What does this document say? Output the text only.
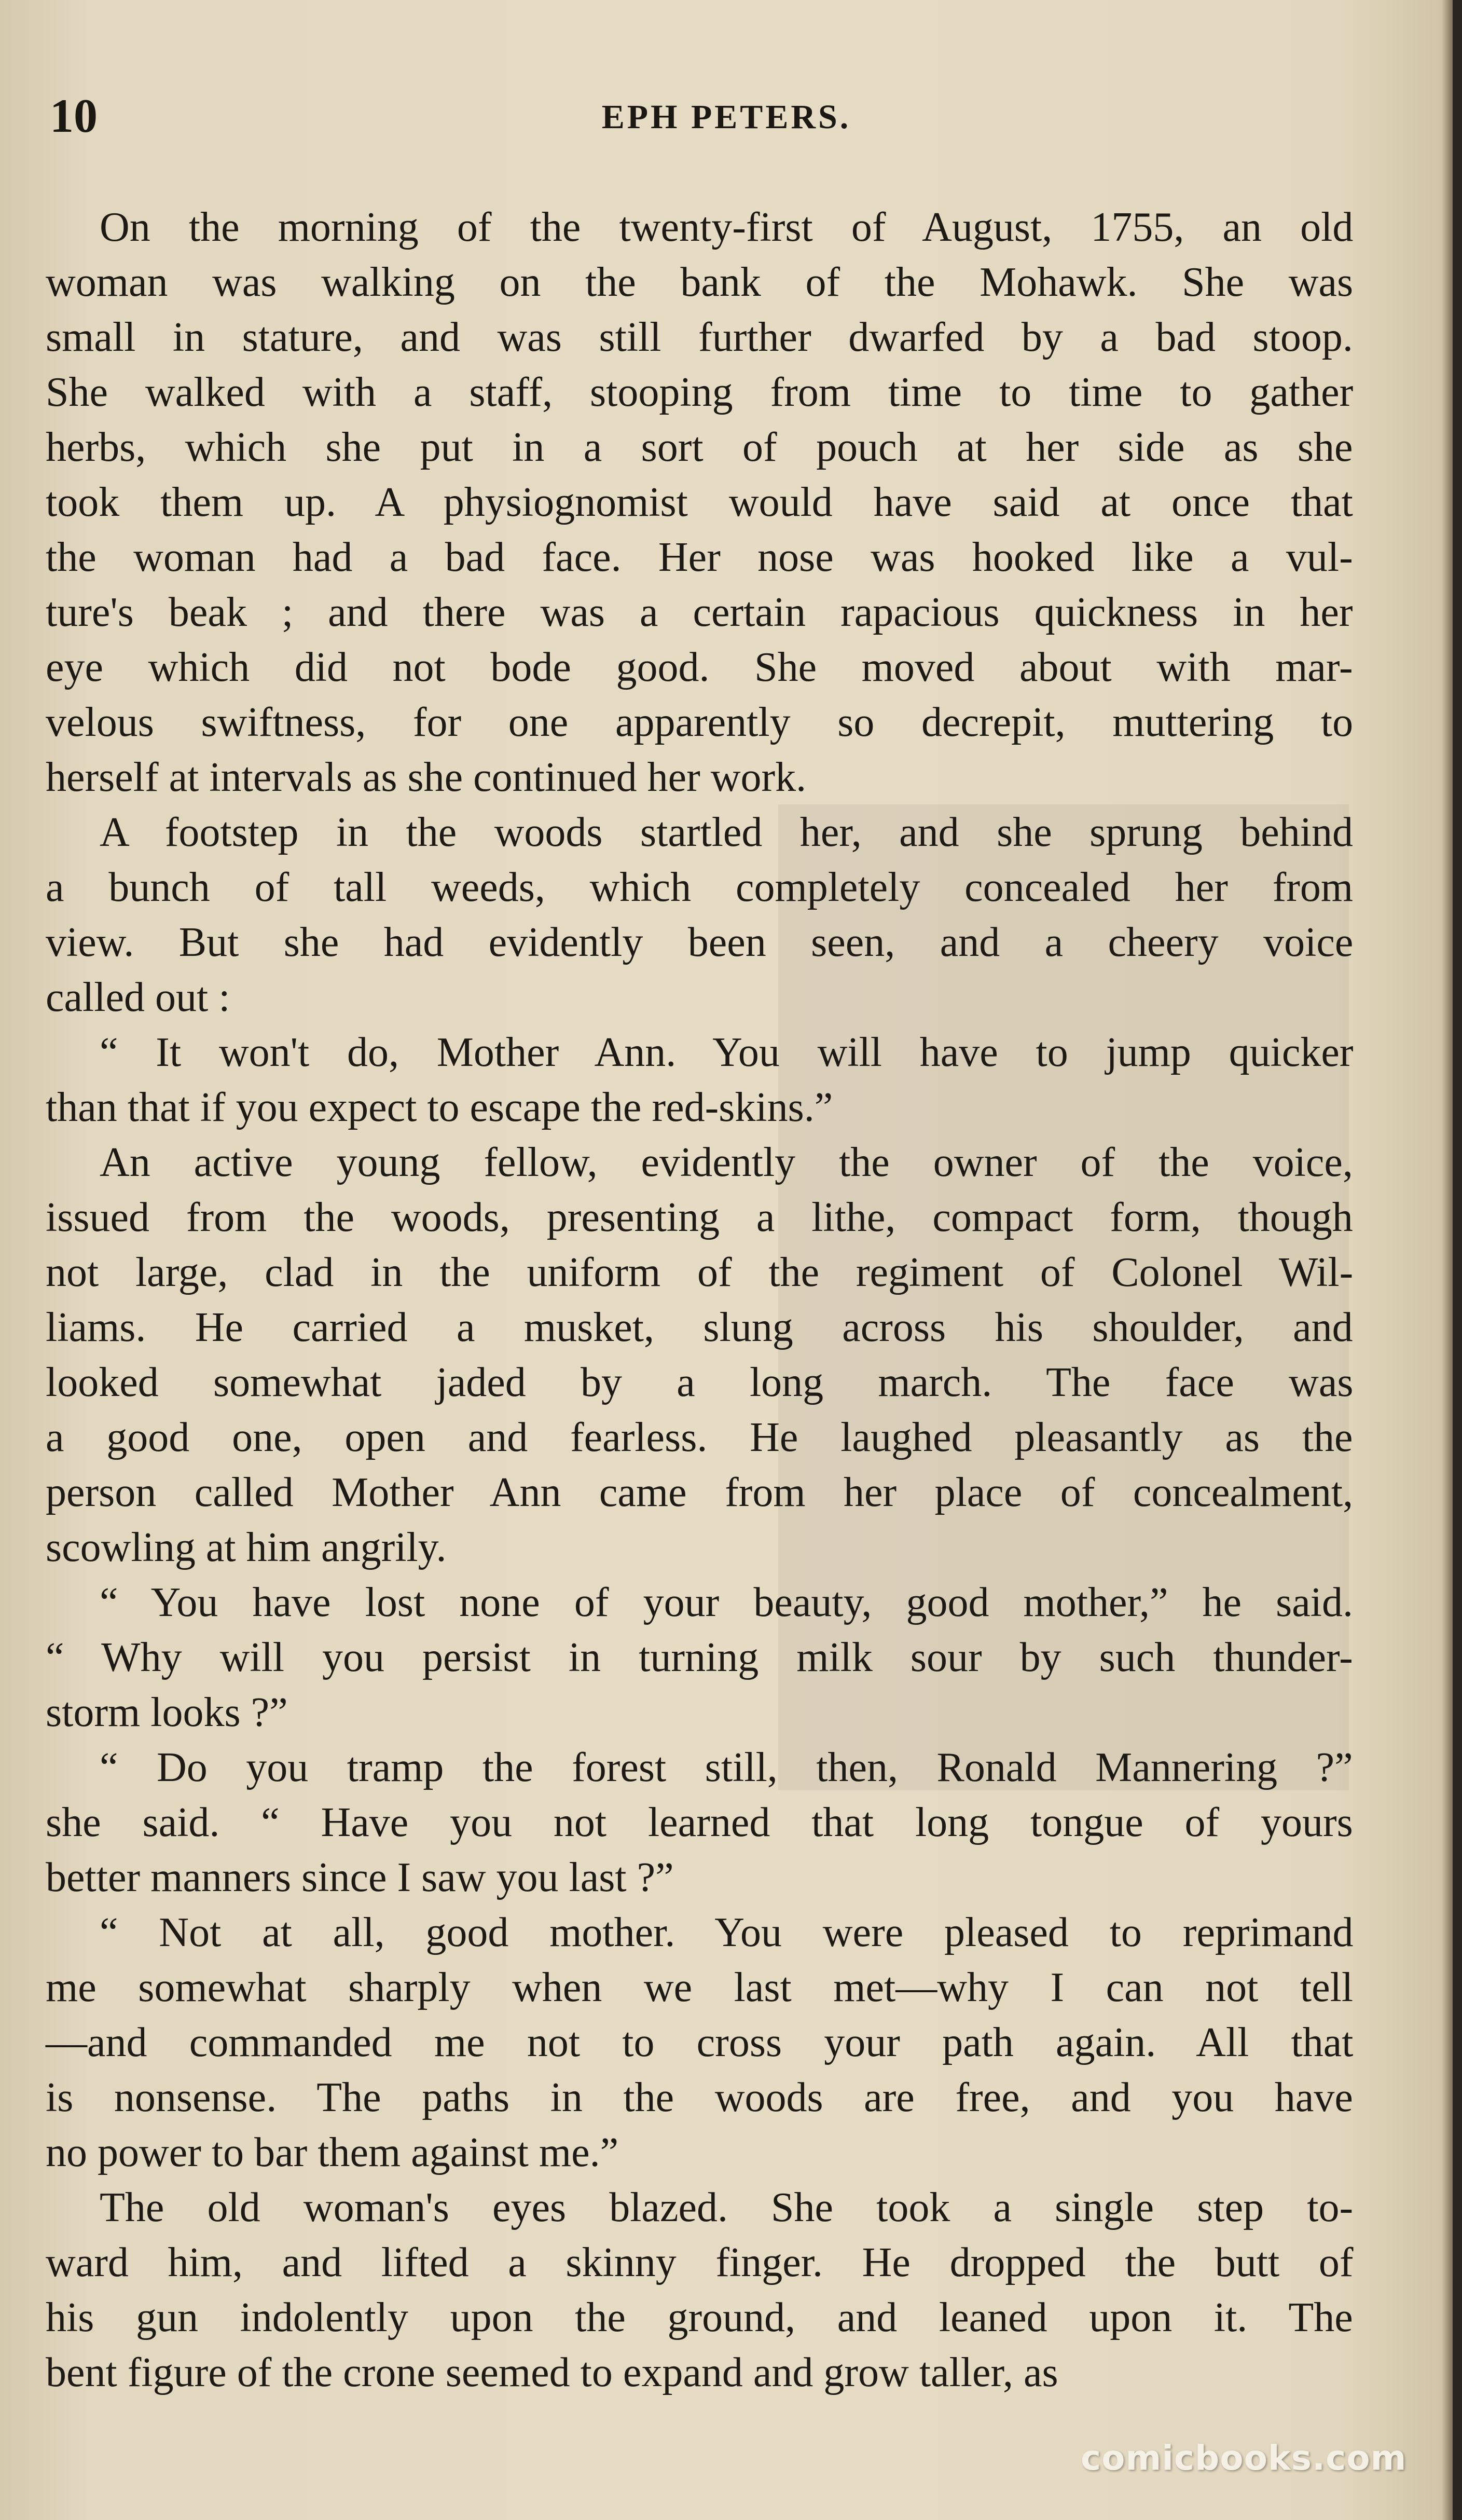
10	EPH PETERS.

On the morning of the twenty-first of August, 1755, an old
woman was walking on the bank of the Mohawk. She was
small in stature, and was still further dwarfed by a bad stoop.
She walked with a staff, stooping from time to time to gather
herbs, which she put in a sort of pouch at her side as she
took them up. A physiognomist would have said at once that
the woman had a bad face. Her nose was hooked like a vul-
ture's beak ; and there was a certain rapacious quickness in her
eye which did not bode good. She moved about with mar-
velous swiftness, for one apparently so decrepit, muttering to
herself at intervals as she continued her work.

A footstep in the woods startled her, and she sprung behind
a bunch of tall weeds, which completely concealed her from
view. But she had evidently been seen, and a cheery voice
called out :

“ It won't do, Mother Ann. You will have to jump quicker
than that if you expect to escape the red-skins.”

An active young fellow, evidently the owner of the voice,
issued from the woods, presenting a lithe, compact form, though
not large, clad in the uniform of the regiment of Colonel Wil-
liams. He carried a musket, slung across his shoulder, and
looked somewhat jaded by a long march. The face was
a good one, open and fearless. He laughed pleasantly as the
person called Mother Ann came from her place of concealment,
scowling at him angrily.

“ You have lost none of your beauty, good mother,” he said.
“ Why will you persist in turning milk sour by such thunder-
storm looks ?”

“ Do you tramp the forest still, then, Ronald Mannering ?”
she said. “ Have you not learned that long tongue of yours
better manners since I saw you last ?”

“ Not at all, good mother. You were pleased to reprimand
me somewhat sharply when we last met—why I can not tell
—and commanded me not to cross your path again. All that
is nonsense. The paths in the woods are free, and you have
no power to bar them against me.”

The old woman's eyes blazed. She took a single step to-
ward him, and lifted a skinny finger. He dropped the butt of
his gun indolently upon the ground, and leaned upon it. The
bent figure of the crone seemed to expand and grow taller, as

comicbooks.com
